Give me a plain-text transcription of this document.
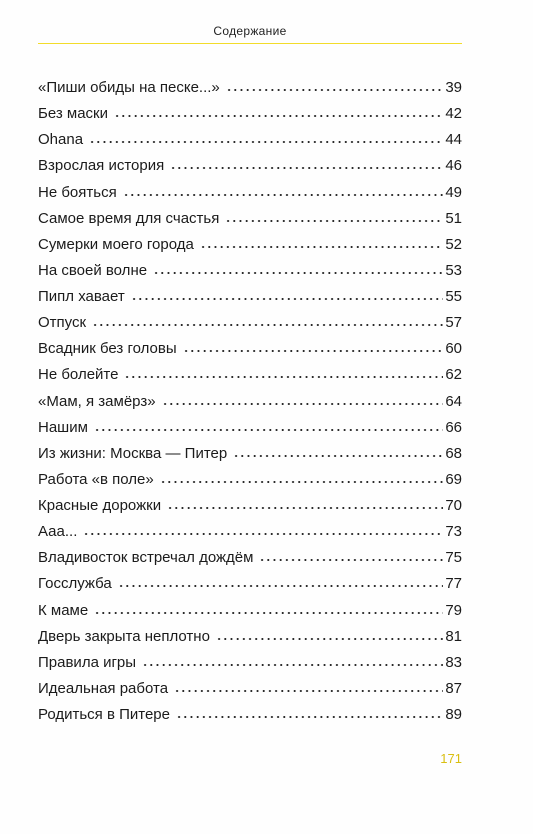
Содержание
«Пиши обиды на песке...»	39
Без маски	42
Ohana	44
Взрослая история	46
Не бояться	49
Самое время для счастья	51
Сумерки моего города	52
На своей волне	53
Пипл хавает	55
Отпуск	57
Всадник без головы	60
Не болейте	62
«Мам, я замёрз»	64
Нашим	66
Из жизни: Москва — Питер	68
Работа «в поле»	69
Красные дорожки	70
Ааа...	73
Владивосток встречал дождём	75
Госслужба	77
К маме	79
Дверь закрыта неплотно	81
Правила игры	83
Идеальная работа	87
Родиться в Питере	89
171
